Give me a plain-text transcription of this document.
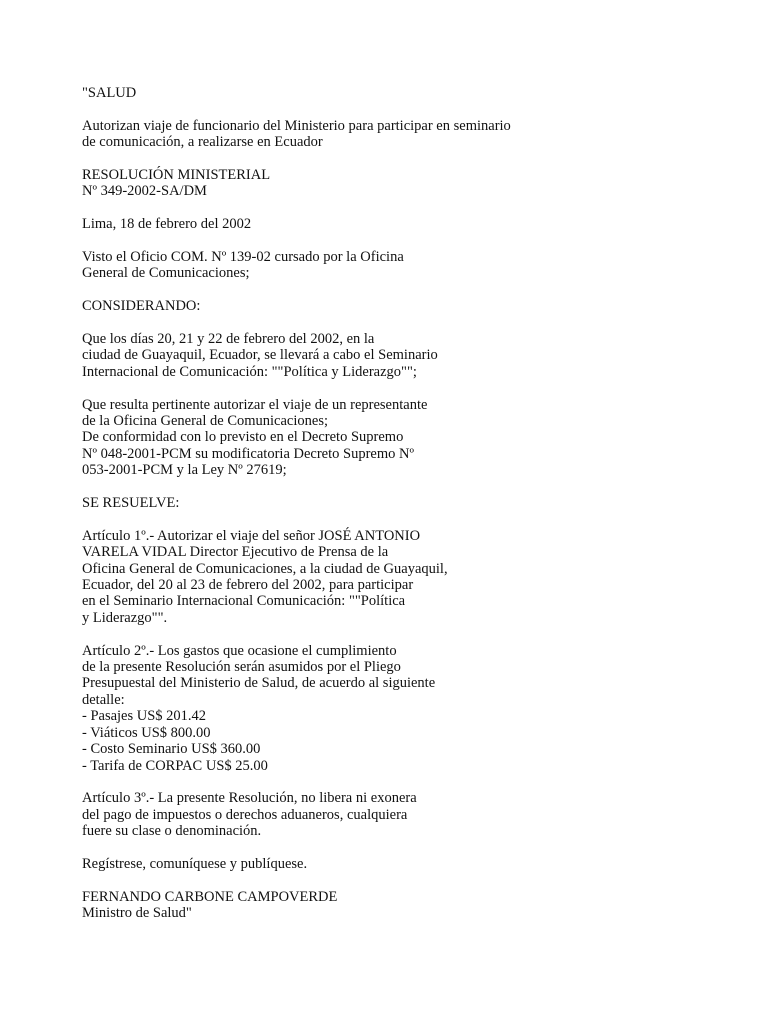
"SALUD
Autorizan viaje de funcionario del Ministerio para participar en seminario
de comunicación, a realizarse en Ecuador
RESOLUCIÓN MINISTERIAL
Nº 349-2002-SA/DM
Lima, 18 de febrero del 2002
Visto el Oficio COM. Nº 139-02 cursado por la Oficina
General de Comunicaciones;
CONSIDERANDO:
Que los días 20, 21 y 22 de febrero del 2002, en la
ciudad de Guayaquil, Ecuador, se llevará a cabo el Seminario
Internacional de Comunicación: ""Política y Liderazgo"";
Que resulta pertinente autorizar el viaje de un representante
de la Oficina General de Comunicaciones;
De conformidad con lo previsto en el Decreto Supremo
Nº 048-2001-PCM su modificatoria Decreto Supremo Nº
053-2001-PCM y la Ley Nº 27619;
SE RESUELVE:
Artículo 1º.- Autorizar el viaje del señor JOSÉ ANTONIO
VARELA VIDAL Director Ejecutivo de Prensa de la
Oficina General de Comunicaciones, a la ciudad de Guayaquil,
Ecuador, del 20 al 23 de febrero del 2002, para participar
en el Seminario Internacional Comunicación: ""Política
y Liderazgo"".
Artículo 2º.- Los gastos que ocasione el cumplimiento
de la presente Resolución serán asumidos por el Pliego
Presupuestal del Ministerio de Salud, de acuerdo al siguiente
detalle:
- Pasajes US$ 201.42
- Viáticos US$ 800.00
- Costo Seminario US$ 360.00
- Tarifa de CORPAC US$ 25.00
Artículo 3º.- La presente Resolución, no libera ni exonera
del pago de impuestos o derechos aduaneros, cualquiera
fuere su clase o denominación.
Regístrese, comuníquese y publíquese.
FERNANDO CARBONE CAMPOVERDE
Ministro de Salud"
